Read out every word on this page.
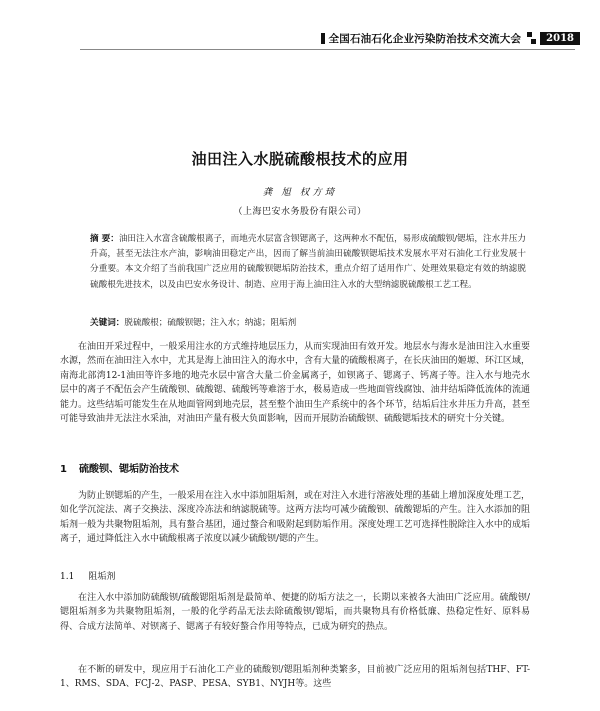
全国石油石化企业污染防治技术交流大会	2018
油田注入水脱硫酸根技术的应用
龚 旭 权方琦
（上海巴安水务股份有限公司）
摘 要：油田注入水富含硫酸根离子，而地壳水层富含钡锶离子，这两种水不配伍，易形成硫酸钡/锶垢，注水井压力升高，甚至无法注水产油，影响油田稳定产出，因而了解当前油田硫酸钡锶垢技术发展水平对石油化工行业发展十分重要。本文介绍了当前我国广泛应用的硫酸钡锶垢防治技术，重点介绍了适用作广、处理效果稳定有效的纳滤脱硫酸根先进技术，以及由巴安水务设计、制造、应用于海上油田注入水的大型纳滤脱硫酸根工艺工程。
关键词：脱硫酸根；硫酸钡锶；注入水；纳滤；阻垢剂

在油田开采过程中，一般采用注水的方式维持地层压力，从而实现油田有效开发。地层水与海水是油田注入水重要水源，然而在油田注入水中，尤其是海上油田注入的海水中，含有大量的硫酸根离子，在长庆油田的姬塬、环江区域，南海北部湾12-1油田等许多地的地壳水层中富含大量二价金属离子，如钡离子、锶离子、钙离子等。注入水与地壳水层中的离子不配伍会产生硫酸钡、硫酸锶、硫酸钙等难溶于水，极易造成一些地面管线腐蚀、油井结垢降低流体的流通能力。这些结垢可能发生在从地面管网到地壳层，甚至整个油田生产系统中的各个环节，结垢后注水井压力升高，甚至可能导致油井无法注水采油，对油田产量有极大负面影响，因而开展防治硫酸钡、硫酸锶垢技术的研究十分关键。

1 硫酸钡、锶垢防治技术

为防止钡锶垢的产生，一般采用在注入水中添加阻垢剂，或在对注入水进行溶液处理的基础上增加深度处理工艺，如化学沉淀法、离子交换法、深度冷冻法和纳滤脱硫等。这两方法均可减少硫酸钡、硫酸锶垢的产生。注入水添加的阻垢剂一般为共聚物阻垢剂，具有螯合基团，通过螯合和吸附起到防垢作用。深度处理工艺可选择性脱除注入水中的成垢离子，通过降低注入水中硫酸根离子浓度以减少硫酸钡/锶的产生。

1.1 阻垢剂

在注入水中添加防硫酸钡/硫酸锶阻垢剂是最简单、便捷的防垢方法之一，长期以来被各大油田广泛应用。硫酸钡/锶阻垢剂多为共聚物阻垢剂，一般的化学药品无法去除硫酸钡/锶垢，而共聚物具有价格低廉、热稳定性好、原料易得、合成方法简单、对钡离子、锶离子有较好螯合作用等特点，已成为研究的热点。

在不断的研发中，现应用于石油化工产业的硫酸钡/锶阻垢剂种类繁多，目前被广泛应用的阻垢剂包括THF、FT-1、RMS、SDA、FCJ-2、PASP、PESA、SYB1、NYJH等。这些
